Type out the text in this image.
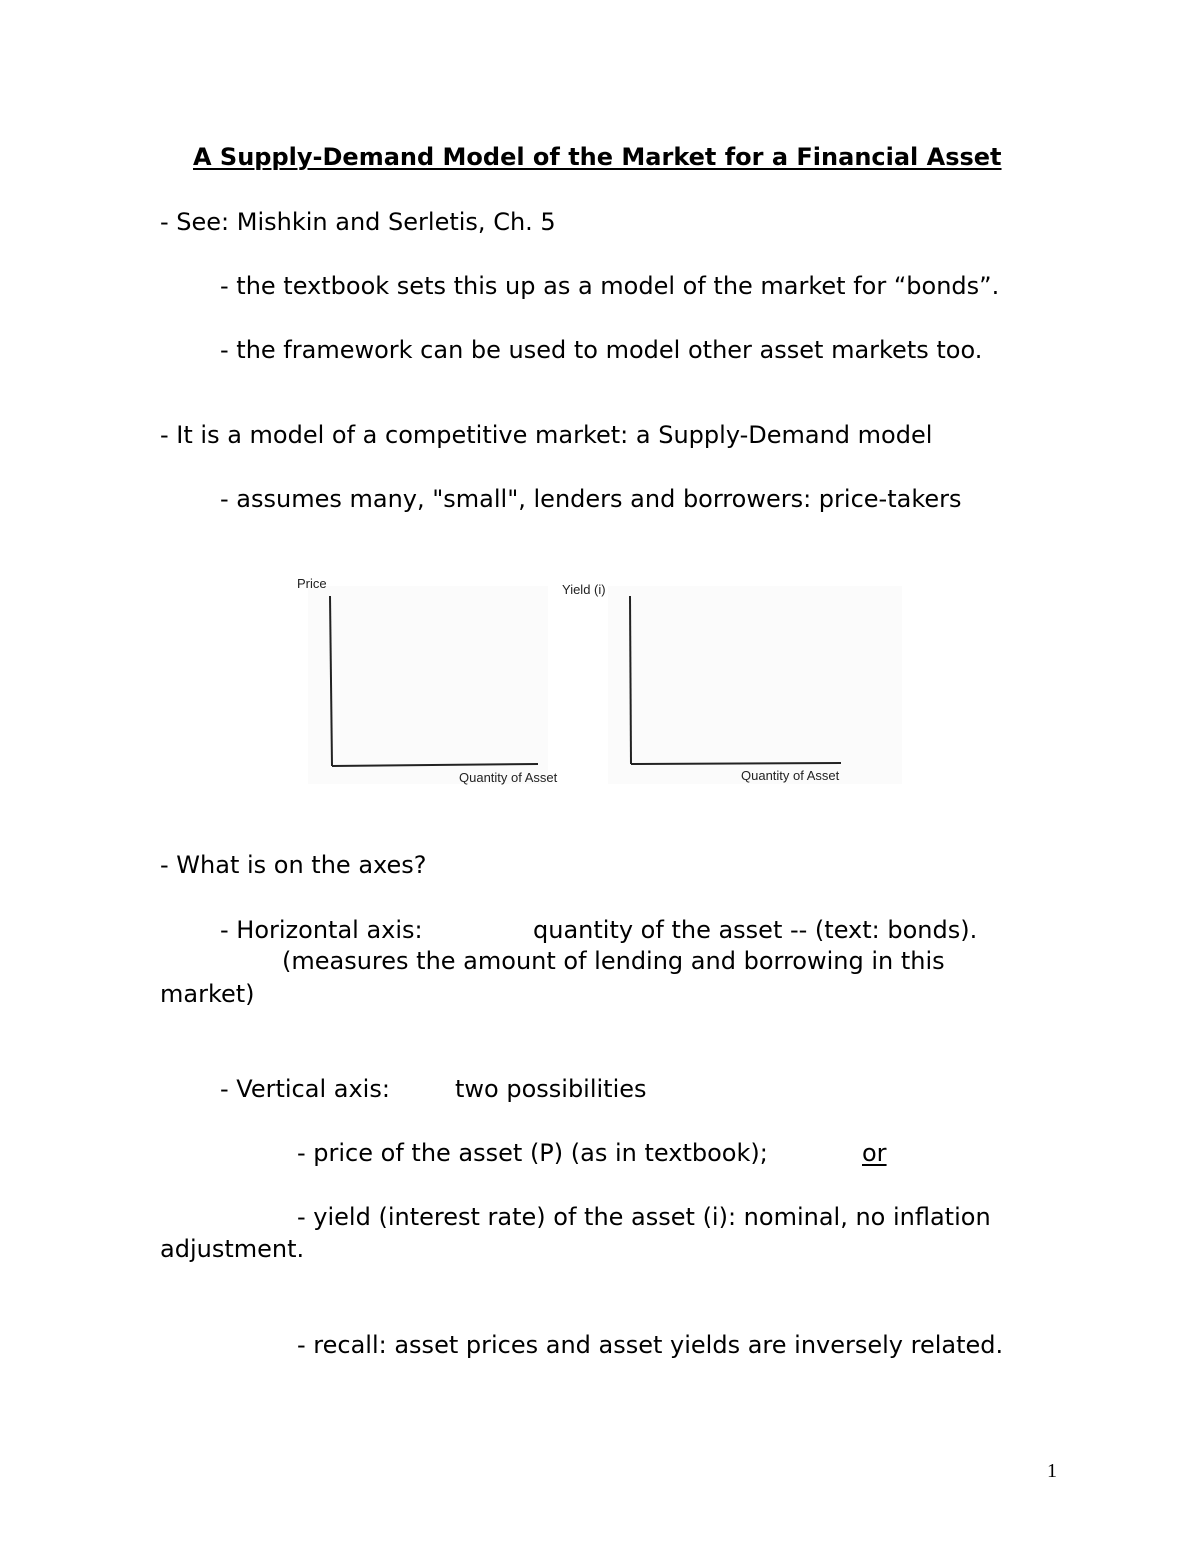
A Supply-Demand Model of the Market for a Financial Asset
- See: Mishkin and Serletis, Ch. 5
- the textbook sets this up as a model of the market for “bonds”.
- the framework can be used to model other asset markets too.
- It is a model of a competitive market: a Supply-Demand model
- assumes many, "small", lenders and borrowers: price-takers
Price
Quantity of Asset
Yield (i)
Quantity of Asset
- What is on the axes?
- Horizontal axis:	quantity of the asset -- (text: bonds).
(measures the amount of lending and borrowing in this
market)
- Vertical axis:	two possibilities
- price of the asset (P) (as in textbook);	or
- yield (interest rate) of the asset (i): nominal, no inflation
adjustment.
- recall: asset prices and asset yields are inversely related.
1
